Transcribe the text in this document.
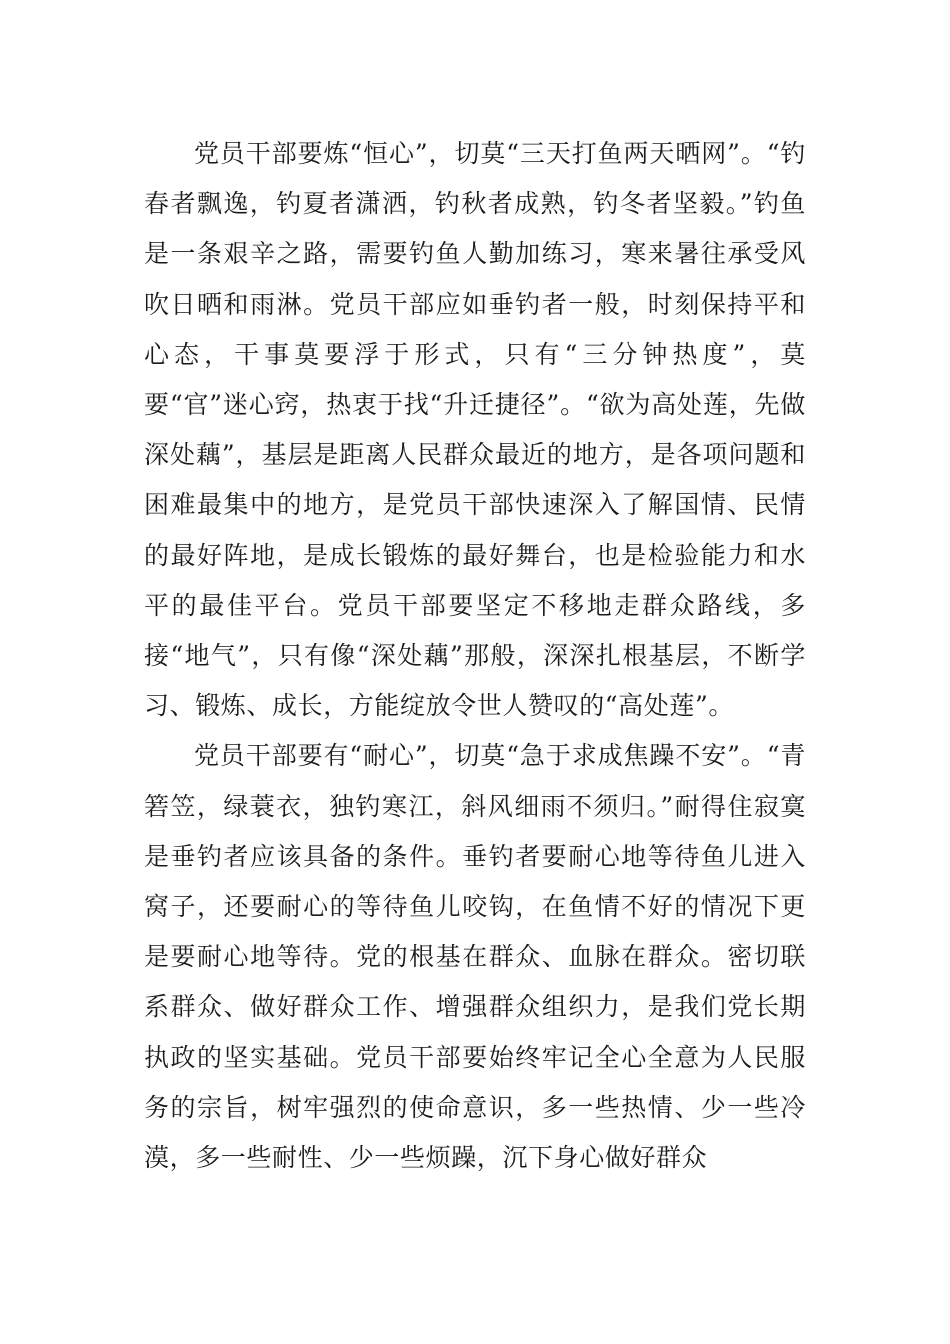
党员干部要炼“恒心”，切莫“三天打鱼两天晒网”。“钓春者飘逸，钓夏者潇洒，钓秋者成熟，钓冬者坚毅。”钓鱼是一条艰辛之路，需要钓鱼人勤加练习，寒来暑往承受风吹日晒和雨淋。党员干部应如垂钓者一般，时刻保持平和心态，干事莫要浮于形式，只有“三分钟热度”，莫要“官”迷心窍，热衷于找“升迁捷径”。“欲为高处莲，先做深处藕”，基层是距离人民群众最近的地方，是各项问题和困难最集中的地方，是党员干部快速深入了解国情、民情的最好阵地，是成长锻炼的最好舞台，也是检验能力和水平的最佳平台。党员干部要坚定不移地走群众路线，多接“地气”，只有像“深处藕”那般，深深扎根基层，不断学习、锻炼、成长，方能绽放令世人赞叹的“高处莲”。

党员干部要有“耐心”，切莫“急于求成焦躁不安”。“青箬笠，绿蓑衣，独钓寒江，斜风细雨不须归。”耐得住寂寞是垂钓者应该具备的条件。垂钓者要耐心地等待鱼儿进入窝子，还要耐心的等待鱼儿咬钩，在鱼情不好的情况下更是要耐心地等待。党的根基在群众、血脉在群众。密切联系群众、做好群众工作、增强群众组织力，是我们党长期执政的坚实基础。党员干部要始终牢记全心全意为人民服务的宗旨，树牢强烈的使命意识，多一些热情、少一些冷漠，多一些耐性、少一些烦躁，沉下身心做好群众
